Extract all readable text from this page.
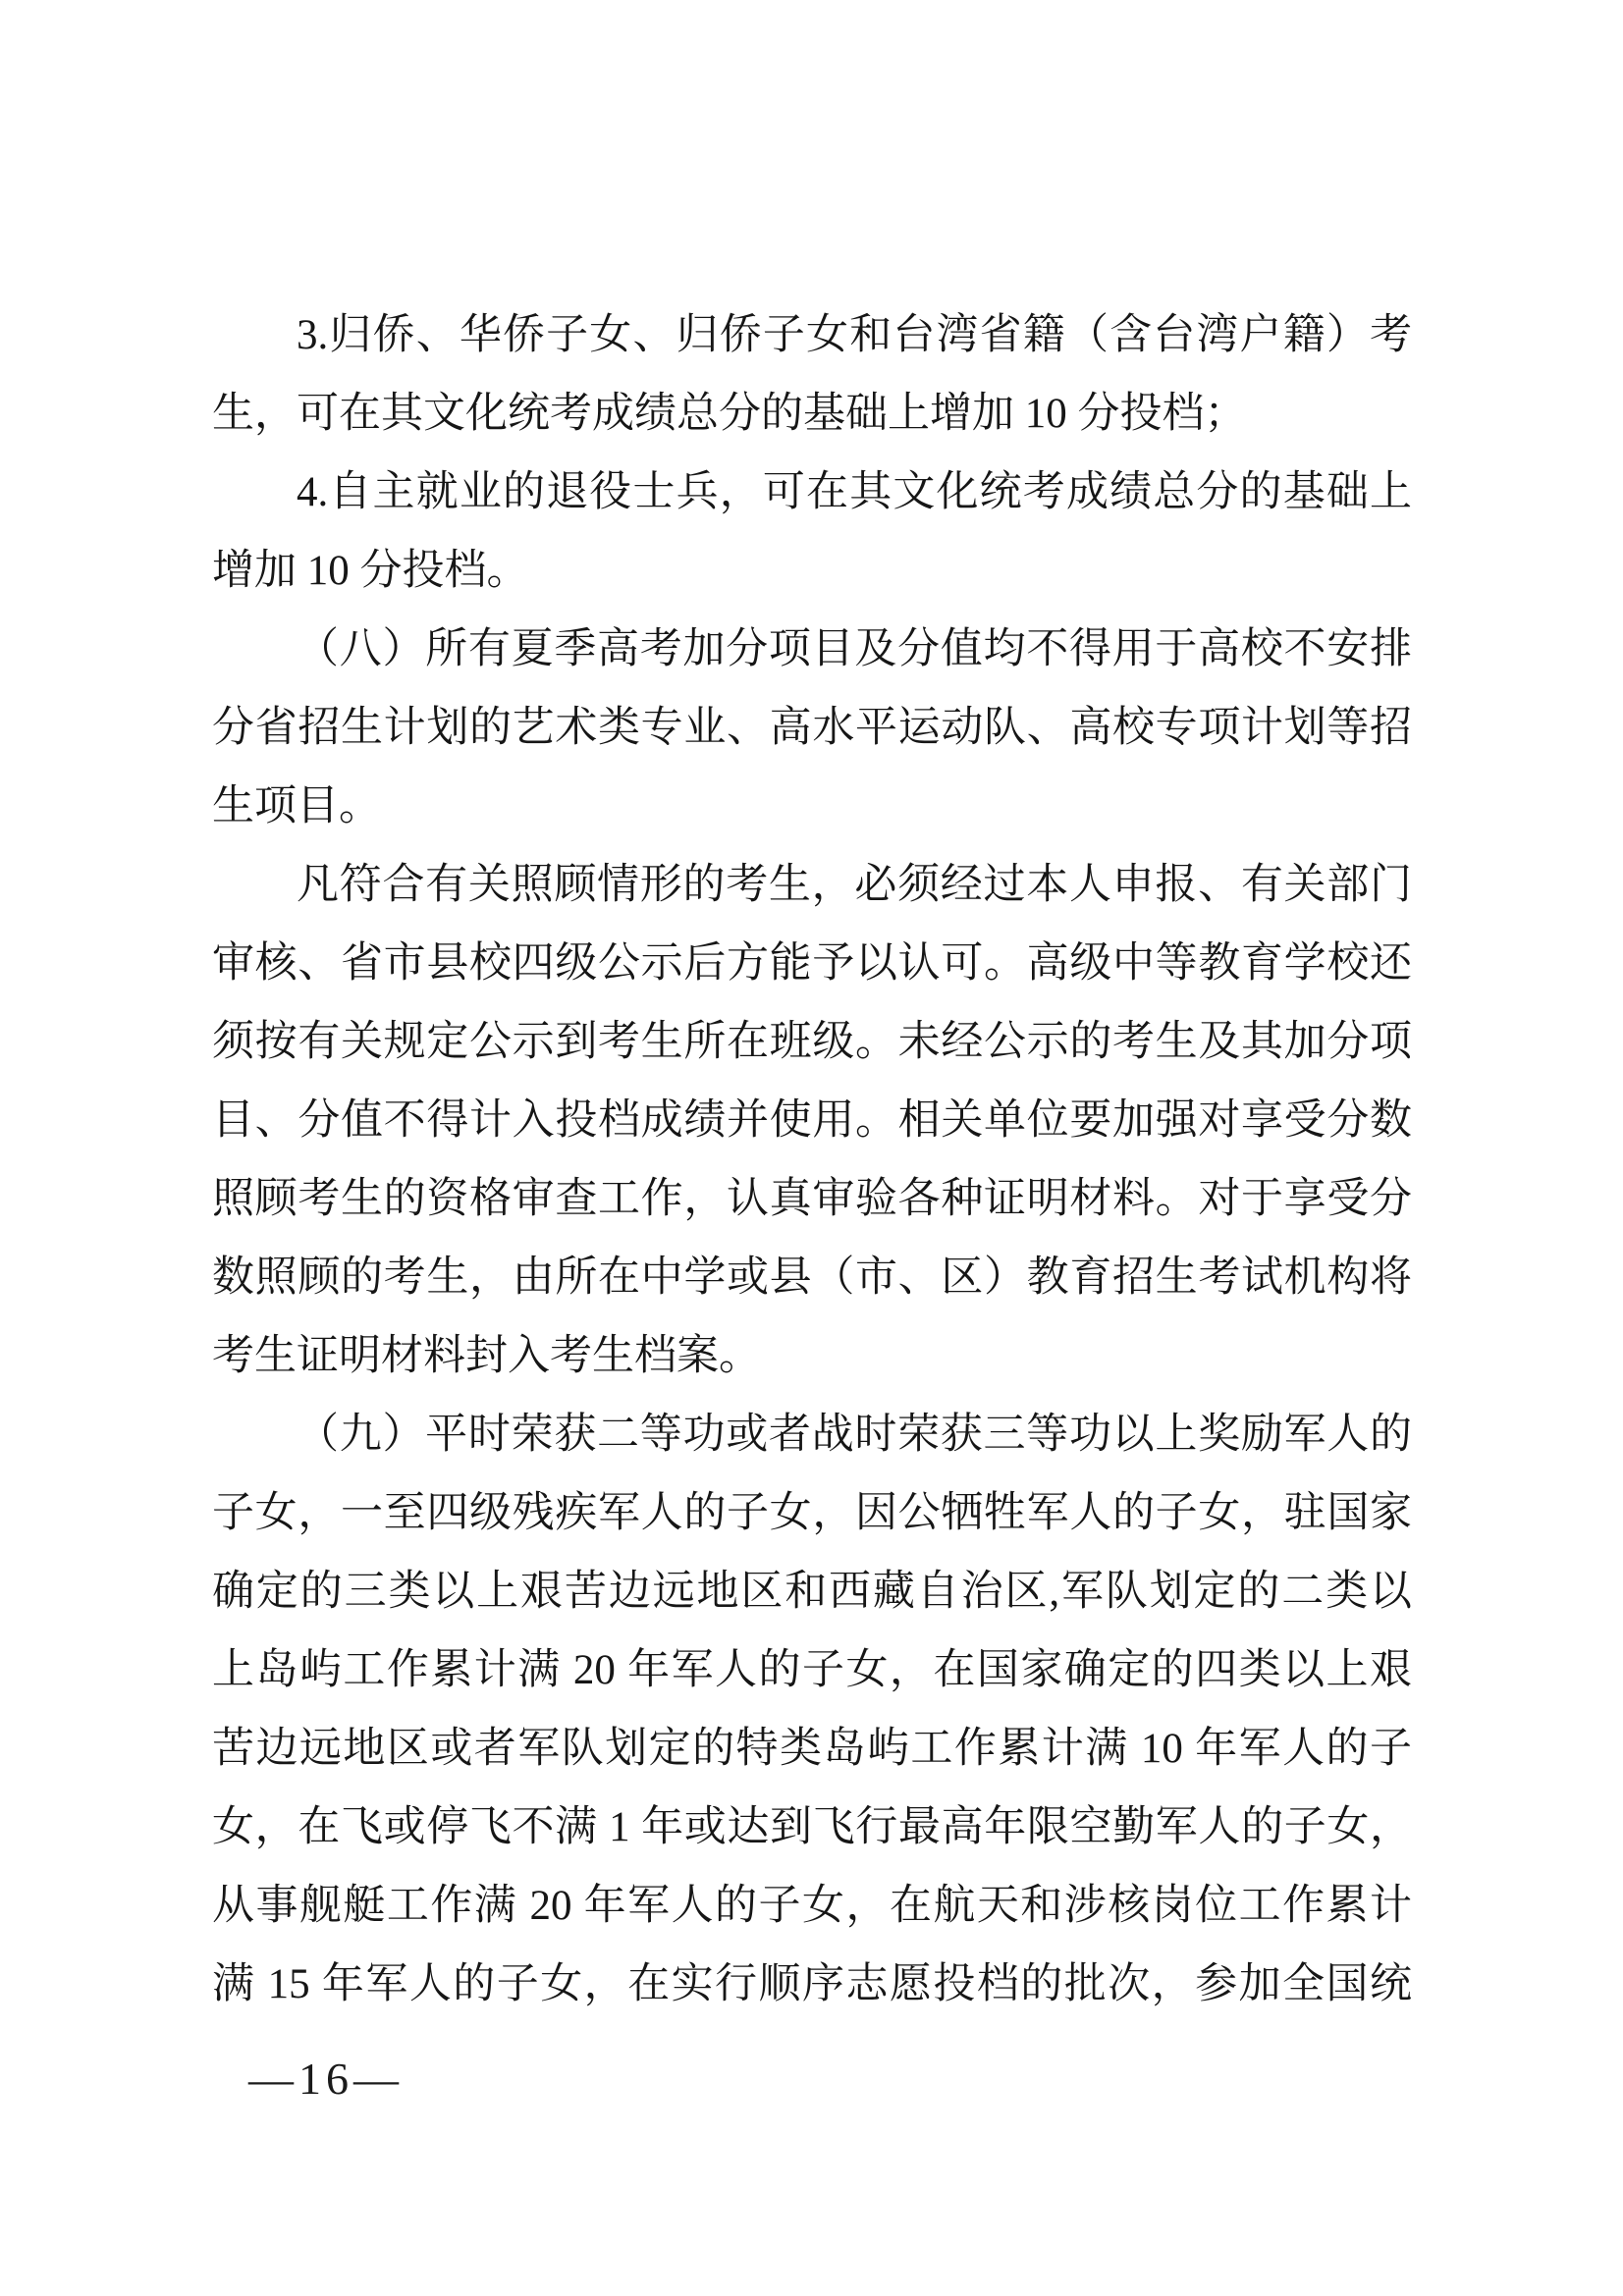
3.归侨、华侨子女、归侨子女和台湾省籍（含台湾户籍）考
生，可在其文化统考成绩总分的基础上增加 10 分投档；

4.自主就业的退役士兵，可在其文化统考成绩总分的基础上
增加 10 分投档。

（八）所有夏季高考加分项目及分值均不得用于高校不安排
分省招生计划的艺术类专业、高水平运动队、高校专项计划等招
生项目。

凡符合有关照顾情形的考生，必须经过本人申报、有关部门
审核、省市县校四级公示后方能予以认可。高级中等教育学校还
须按有关规定公示到考生所在班级。未经公示的考生及其加分项
目、分值不得计入投档成绩并使用。相关单位要加强对享受分数
照顾考生的资格审查工作，认真审验各种证明材料。对于享受分
数照顾的考生，由所在中学或县（市、区）教育招生考试机构将
考生证明材料封入考生档案。

（九）平时荣获二等功或者战时荣获三等功以上奖励军人的
子女，一至四级残疾军人的子女，因公牺牲军人的子女，驻国家
确定的三类以上艰苦边远地区和西藏自治区,军队划定的二类以
上岛屿工作累计满 20 年军人的子女，在国家确定的四类以上艰
苦边远地区或者军队划定的特类岛屿工作累计满 10 年军人的子
女，在飞或停飞不满 1 年或达到飞行最高年限空勤军人的子女，
从事舰艇工作满 20 年军人的子女，在航天和涉核岗位工作累计
满 15 年军人的子女，在实行顺序志愿投档的批次，参加全国统

—16—
